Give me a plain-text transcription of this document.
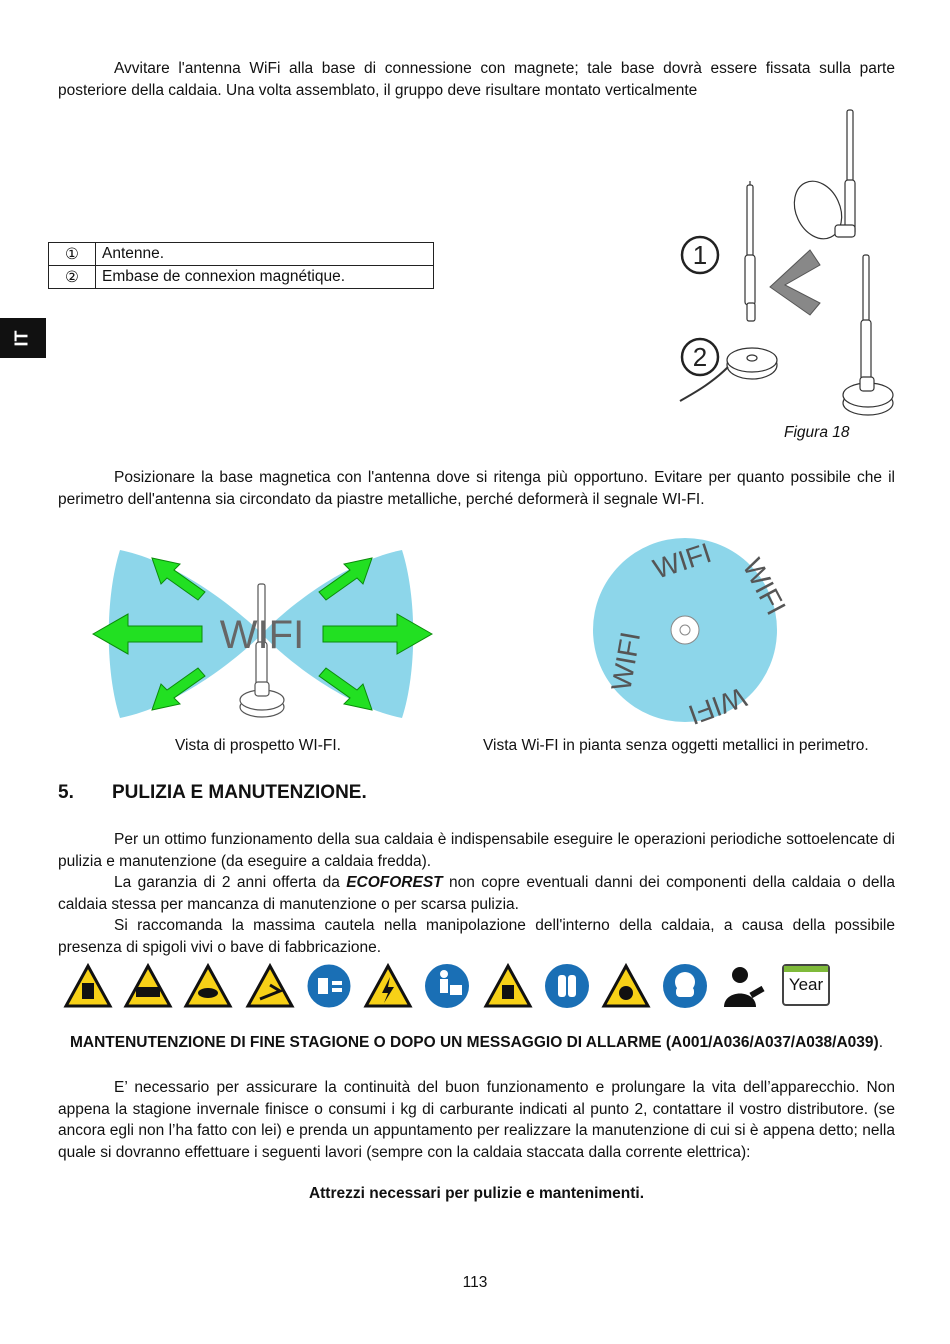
Avvitare l'antenna WiFi alla base di connessione con magnete; tale base dovrà essere fissata sulla parte posteriore della caldaia. Una volta assemblato, il gruppo deve risultare montato verticalmente
IT
①	Antenne.
②	Embase de connexion magnétique.
1
2
Figura 18
Posizionare la base magnetica con l'antenna dove si ritenga più opportuno. Evitare per quanto possibile che il perimetro dell'antenna sia circondato da piastre metalliche, perché deformerà il segnale WI-FI.
WIFI
WIFI WIFI
WIFI
WIFI
Vista di prospetto WI-FI.	Vista Wi-FI in pianta senza oggetti metallici in perimetro.
5. PULIZIA E MANUTENZIONE.
Per un ottimo funzionamento della sua caldaia è indispensabile eseguire le operazioni periodiche sottoelencate di pulizia e manutenzione (da eseguire a caldaia fredda).
La garanzia di 2 anni offerta da ECOFOREST non copre eventuali danni dei componenti della caldaia o della caldaia stessa per mancanza di manutenzione o per scarsa pulizia.
Si raccomanda la massima cautela nella manipolazione dell'interno della caldaia, a causa della possibile presenza di spigoli vivi o bave di fabbricazione.
Year
MANTENUTENZIONE DI FINE STAGIONE O DOPO UN MESSAGGIO DI ALLARME (A001/A036/A037/A038/A039).
E’ necessario per assicurare la continuità del buon funzionamento e prolungare la vita dell’apparecchio. Non appena la stagione invernale finisce o consumi i kg di carburante indicati al punto 2, contattare il vostro distributore. (se ancora egli non l’ha fatto con lei) e prenda un appuntamento per realizzare la manutenzione di cui si è appena detto; nella quale si dovranno effettuare i seguenti lavori (sempre con la caldaia staccata dalla corrente elettrica):
Attrezzi necessari per pulizie e mantenimenti.
113
